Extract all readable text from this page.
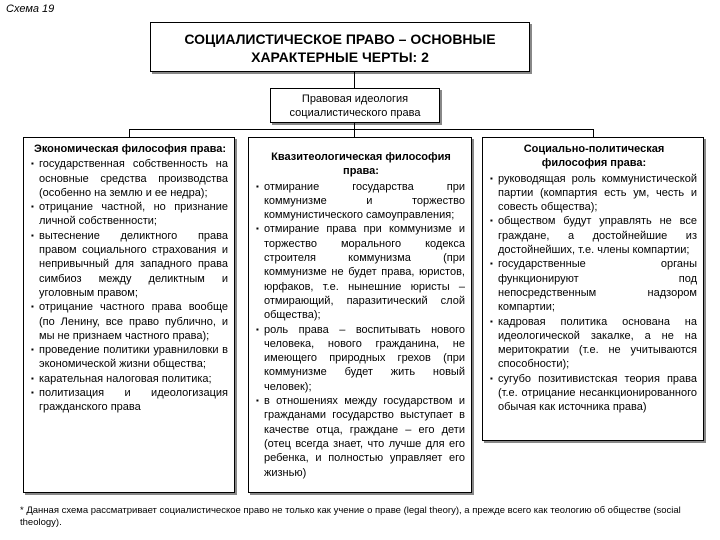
Схема 19
СОЦИАЛИСТИЧЕСКОЕ ПРАВО – ОСНОВНЫЕ
ХАРАКТЕРНЫЕ ЧЕРТЫ: 2
Правовая идеология
социалистического права
Экономическая философия права:
▪ государственная собственность на основные средства производства (особенно на землю и ее недра);
▪ отрицание частной, но признание личной собственности;
▪ вытеснение деликтного права правом социального страхования и непривычный для западного права симбиоз между деликтным и уголовным правом;
▪ отрицание частного права вообще (по Ленину, все право публично, и мы не признаем частного права);
▪ проведение политики уравниловки в экономической жизни общества;
▪ карательная налоговая политика;
▪ политизация и идеологизация гражданского права
Квазитеологическая философия права:
▪ отмирание государства при коммунизме и торжество коммунистического самоуправления;
▪ отмирание права при коммунизме и торжество морального кодекса строителя коммунизма (при коммунизме не будет права, юристов, юрфаков, т.е. нынешние юристы – отмирающий, паразитический слой общества);
▪ роль права – воспитывать нового человека, нового гражданина, не имеющего природных грехов (при коммунизме будет жить новый человек);
▪ в отношениях между государством и гражданами государство выступает в качестве отца, граждане – его дети (отец всегда знает, что лучше для его ребенка, и полностью управляет его жизнью)
Социально-политическая философия права:
▪ руководящая роль коммунистической партии (компартия есть ум, честь и совесть общества);
▪ обществом будут управлять не все граждане, а достойнейшие из достойнейших, т.е. члены компартии;
▪ государственные органы функционируют под непосредственным надзором компартии;
▪ кадровая политика основана на идеологической закалке, а не на меритократии (т.е. не учитываются способности);
▪ сугубо позитивистская теория права (т.е. отрицание несанкционированного обычая как источника права)
* Данная схема рассматривает социалистическое право не только как учение о праве (legal theory), а прежде всего как теологию об обществе (social theology).
